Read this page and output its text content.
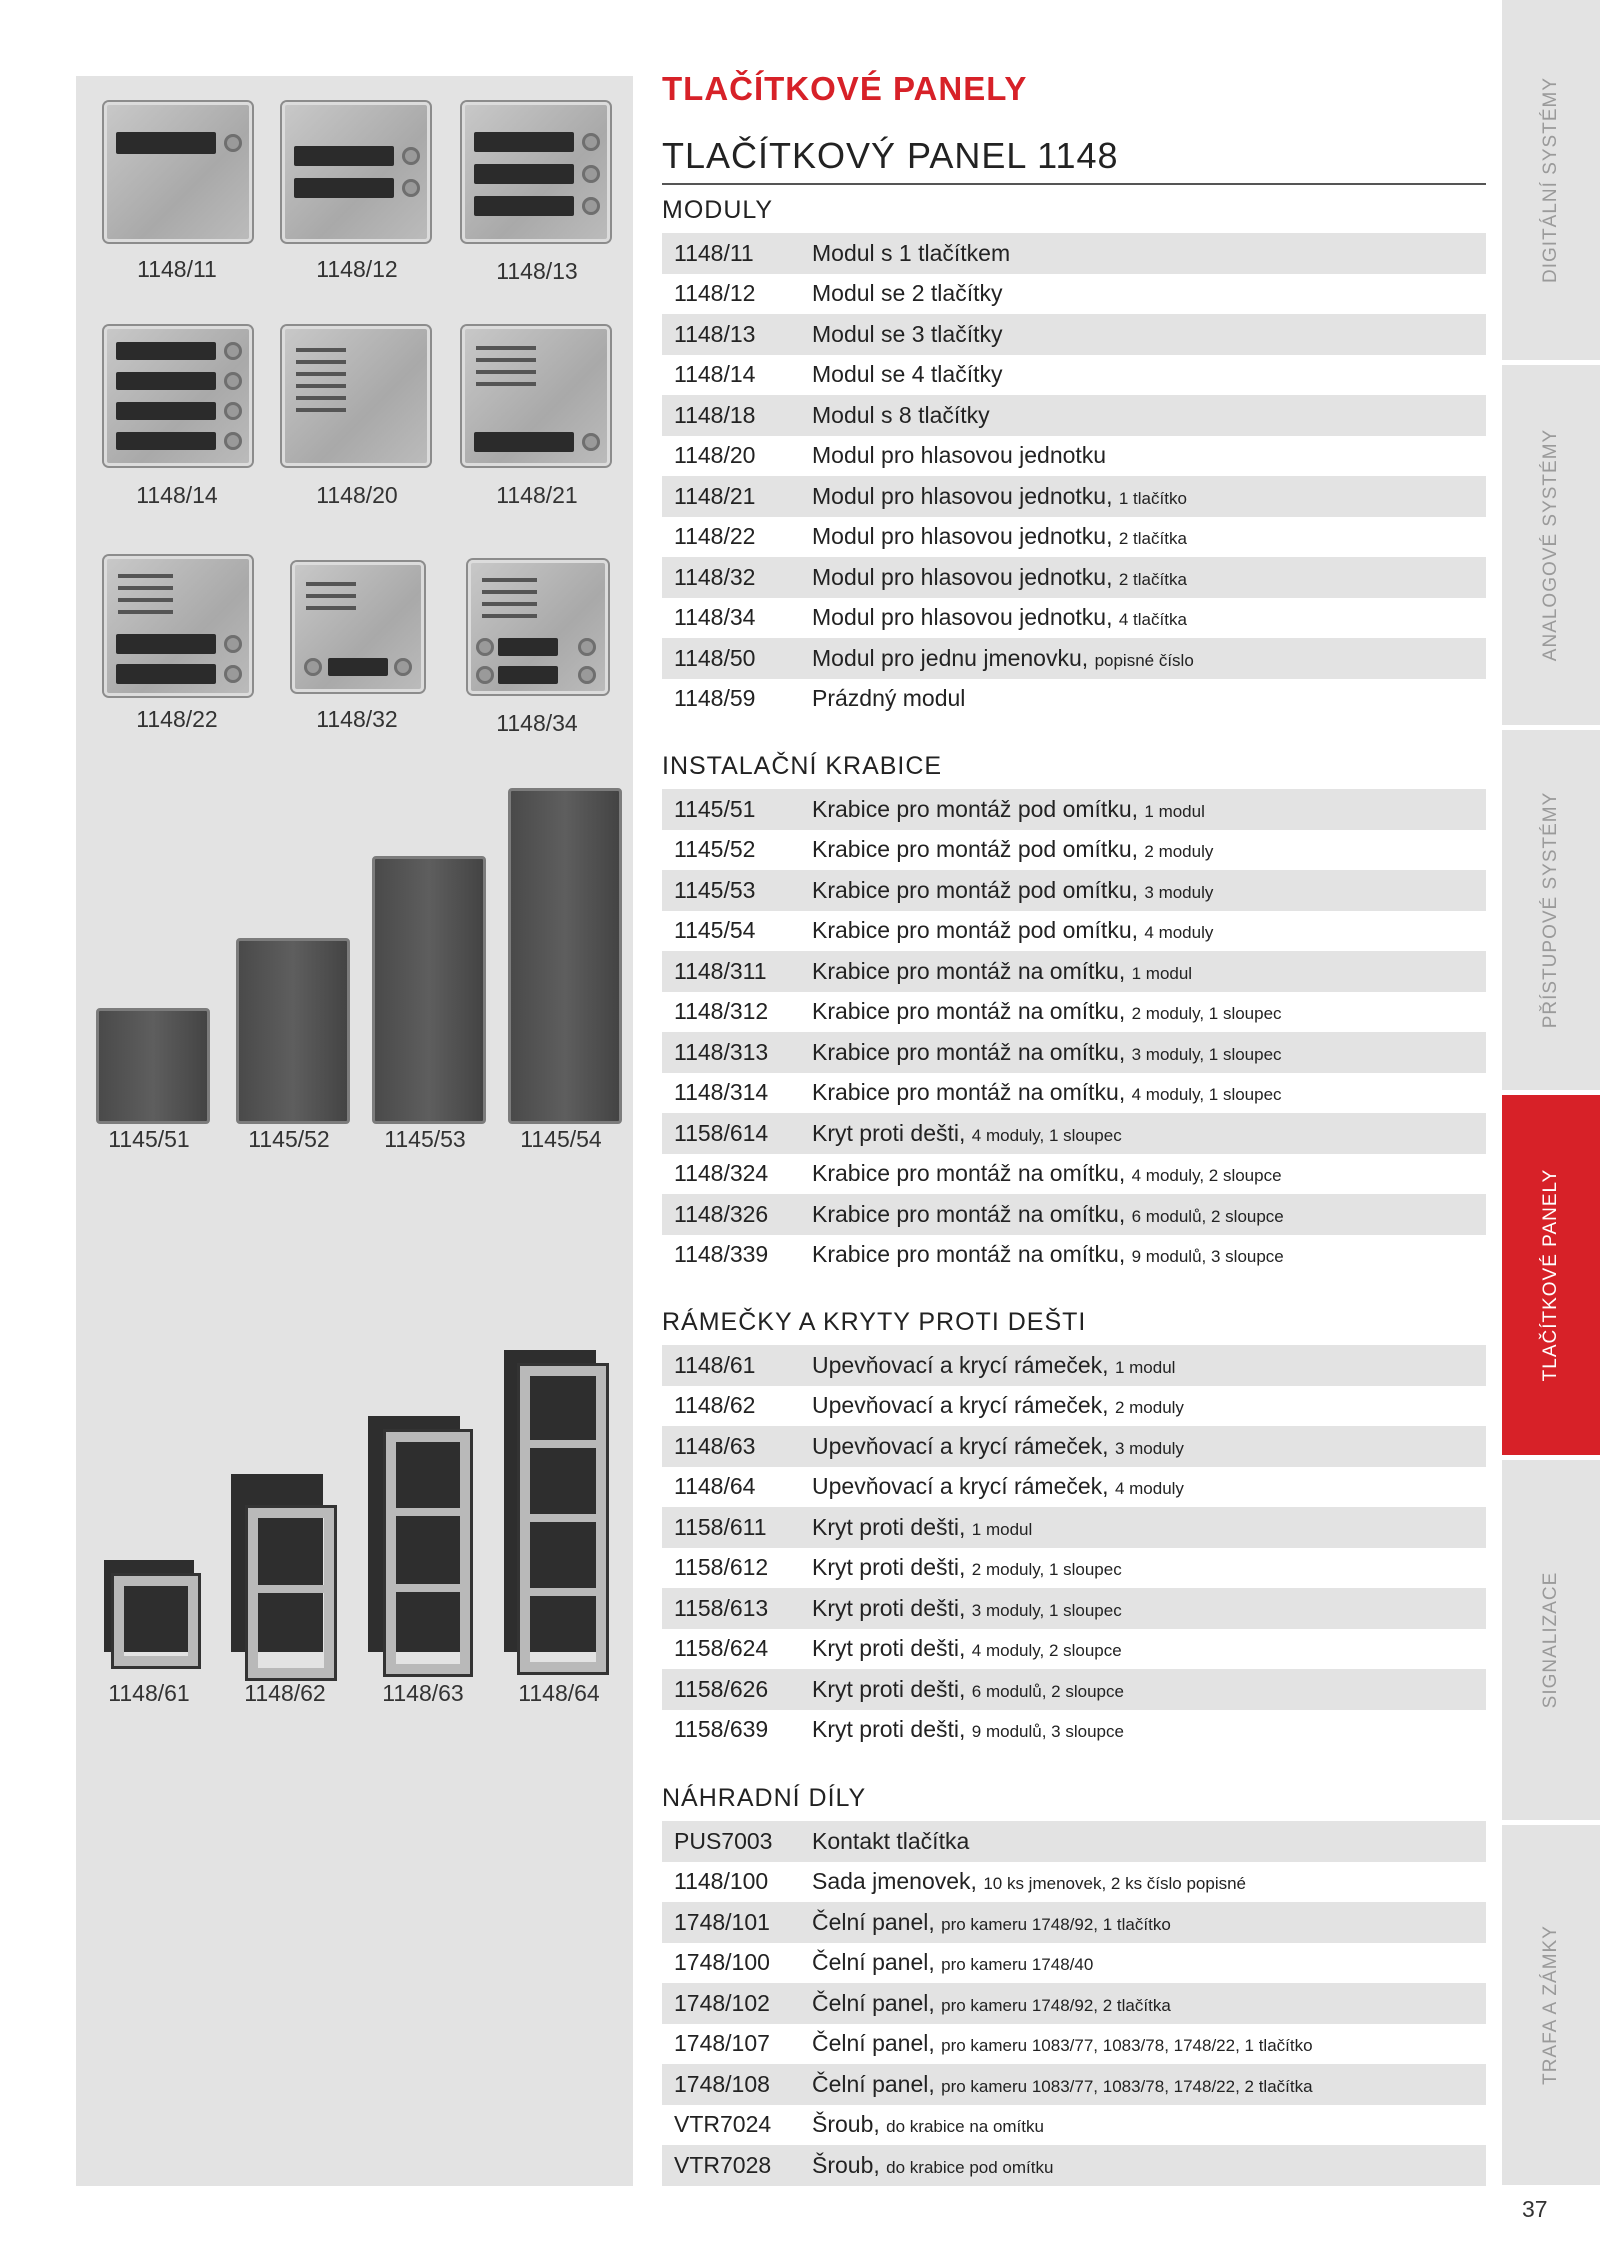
1148/11	1148/12	1148/13
1148/14	1148/20	1148/21
1148/22	1148/32	1148/34
1145/51	1145/52	1145/53	1145/54
1148/61	1148/62	1148/63	1148/64
TLAČÍTKOVÉ PANELY
TLAČÍTKOVÝ PANEL 1148
MODULY
1148/11	Modul s 1 tlačítkem
1148/12	Modul se 2 tlačítky
1148/13	Modul se 3 tlačítky
1148/14	Modul se 4 tlačítky
1148/18	Modul s 8 tlačítky
1148/20	Modul pro hlasovou jednotku
1148/21	Modul pro hlasovou jednotku, 1 tlačítko
1148/22	Modul pro hlasovou jednotku, 2 tlačítka
1148/32	Modul pro hlasovou jednotku, 2 tlačítka
1148/34	Modul pro hlasovou jednotku, 4 tlačítka
1148/50	Modul pro jednu jmenovku, popisné číslo
1148/59	Prázdný modul
INSTALAČNÍ KRABICE
1145/51	Krabice pro montáž pod omítku, 1 modul
1145/52	Krabice pro montáž pod omítku, 2 moduly
1145/53	Krabice pro montáž pod omítku, 3 moduly
1145/54	Krabice pro montáž pod omítku, 4 moduly
1148/311	Krabice pro montáž na omítku, 1 modul
1148/312	Krabice pro montáž na omítku, 2 moduly, 1 sloupec
1148/313	Krabice pro montáž na omítku, 3 moduly, 1 sloupec
1148/314	Krabice pro montáž na omítku, 4 moduly, 1 sloupec
1158/614	Kryt proti dešti, 4 moduly, 1 sloupec
1148/324	Krabice pro montáž na omítku, 4 moduly, 2 sloupce
1148/326	Krabice pro montáž na omítku, 6 modulů, 2 sloupce
1148/339	Krabice pro montáž na omítku, 9 modulů, 3 sloupce
RÁMEČKY A KRYTY PROTI DEŠTI
1148/61	Upevňovací a krycí rámeček, 1 modul
1148/62	Upevňovací a krycí rámeček, 2 moduly
1148/63	Upevňovací a krycí rámeček, 3 moduly
1148/64	Upevňovací a krycí rámeček, 4 moduly
1158/611	Kryt proti dešti, 1 modul
1158/612	Kryt proti dešti, 2 moduly, 1 sloupec
1158/613	Kryt proti dešti, 3 moduly, 1 sloupec
1158/624	Kryt proti dešti, 4 moduly, 2 sloupce
1158/626	Kryt proti dešti, 6 modulů, 2 sloupce
1158/639	Kryt proti dešti, 9 modulů, 3 sloupce
NÁHRADNÍ DÍLY
PUS7003	Kontakt tlačítka
1148/100	Sada jmenovek, 10 ks jmenovek, 2 ks číslo popisné
1748/101	Čelní panel, pro kameru 1748/92, 1 tlačítko
1748/100	Čelní panel, pro kameru 1748/40
1748/102	Čelní panel, pro kameru 1748/92, 2 tlačítka
1748/107	Čelní panel, pro kameru 1083/77, 1083/78, 1748/22, 1 tlačítko
1748/108	Čelní panel, pro kameru 1083/77, 1083/78, 1748/22, 2 tlačítka
VTR7024	Šroub, do krabice na omítku
VTR7028	Šroub, do krabice pod omítku
DIGITÁLNÍ SYSTÉMY
ANALOGOVÉ SYSTÉMY
PŘÍSTUPOVÉ SYSTÉMY
TLAČÍTKOVÉ PANELY
SIGNALIZACE
TRAFA A ZÁMKY
37
